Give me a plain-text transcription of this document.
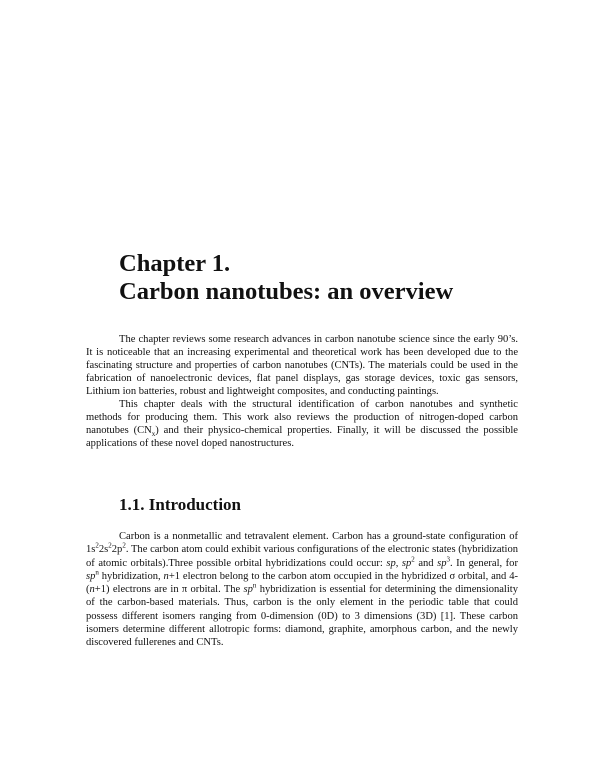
Chapter 1.
Carbon nanotubes: an overview

The chapter reviews some research advances in carbon nanotube science since the early 90’s. It is noticeable that an increasing experimental and theoretical work has been developed due to the fascinating structure and properties of carbon nanotubes (CNTs). The materials could be used in the fabrication of nanoelectronic devices, flat panel displays, gas storage devices, toxic gas sensors, Lithium ion batteries, robust and lightweight composites, and conducting paintings.

This chapter deals with the structural identification of carbon nanotubes and synthetic methods for producing them. This work also reviews the production of nitrogen-doped carbon nanotubes $(CN_x)$ and their physico-chemical properties. Finally, it will be discussed the possible applications of these novel doped nanostructures.

1.1. Introduction

Carbon is a nonmetallic and tetravalent element. Carbon has a ground-state configuration of $1s^22s^22p^2$. The carbon atom could exhibit various configurations of the electronic states (hybridization of atomic orbitals).Three possible orbital hybridizations could occur: sp, $sp^2$ and $sp^3$. In general, for $sp^n$ hybridization, n+1 electron belong to the carbon atom occupied in the hybridized σ orbital, and 4-(n+1) electrons are in π orbital. The $sp^n$ hybridization is essential for determining the dimensionality of the carbon-based materials. Thus, carbon is the only element in the periodic table that could possess different isomers ranging from 0-dimension (0D) to 3 dimensions (3D) [1]. These carbon isomers determine different allotropic forms: diamond, graphite, amorphous carbon, and the newly discovered fullerenes and CNTs.
